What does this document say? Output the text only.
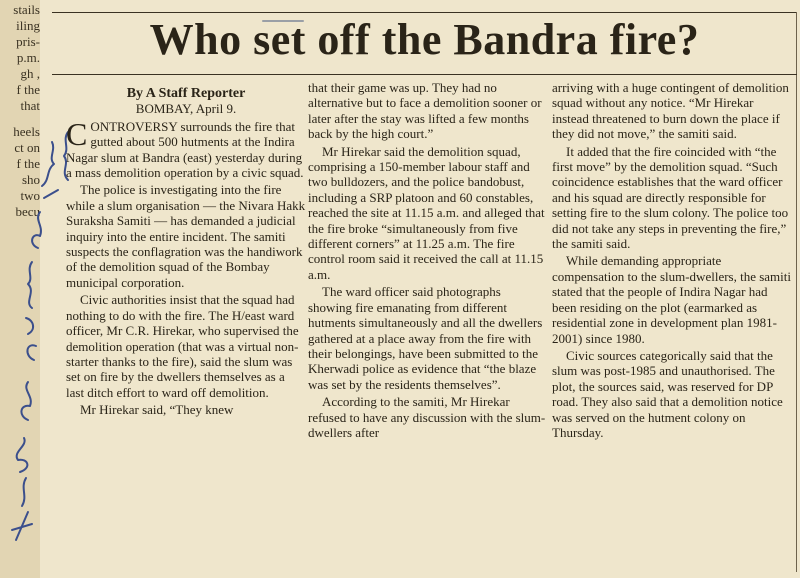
stails
iling
pris-
p.m.
gh ,
f the
that
heels
ct on
f the
sho
two
becu
Who set off the Bandra fire?
By A Staff Reporter
BOMBAY, April 9.

CONTROVERSY surrounds the fire that gutted about 500 hutments at the Indira Nagar slum at Bandra (east) yesterday during a mass demolition operation by a civic squad.

The police is investigating into the fire while a slum organisation — the Nivara Hakk Suraksha Samiti — has demanded a judicial inquiry into the entire incident. The samiti suspects the conflagration was the handiwork of the demolition squad of the Bombay municipal corporation.

Civic authorities insist that the squad had nothing to do with the fire. The H/east ward officer, Mr C.R. Hirekar, who supervised the demolition operation (that was a virtual non-starter thanks to the fire), said the slum was set on fire by the dwellers themselves as a last ditch effort to ward off demolition.

Mr Hirekar said, “They knew

that their game was up. They had no alternative but to face a demolition sooner or later after the stay was lifted a few months back by the high court.”

Mr Hirekar said the demolition squad, comprising a 150-member labour staff and two bulldozers, and the police bandobust, including a SRP platoon and 60 constables, reached the site at 11.15 a.m. and alleged that the fire broke “simultaneously from five different corners” at 11.25 a.m. The fire control room said it received the call at 11.15 a.m.

The ward officer said photographs showing fire emanating from different hutments simultaneously and all the dwellers gathered at a place away from the fire with their belongings, have been submitted to the Kherwadi police as evidence that “the blaze was set by the residents themselves”.

According to the samiti, Mr Hirekar refused to have any discussion with the slum-dwellers after

arriving with a huge contingent of demolition squad without any notice. “Mr Hirekar instead threatened to burn down the place if they did not move,” the samiti said.

It added that the fire coincided with “the first move” by the demolition squad. “Such coincidence establishes that the ward officer and his squad are directly responsible for setting fire to the slum colony. The police too did not take any steps in preventing the fire,” the samiti said.

While demanding appropriate compensation to the slum-dwellers, the samiti stated that the people of Indira Nagar had been residing on the plot (earmarked as residential zone in development plan 1981-2001) since 1980.

Civic sources categorically said that the slum was post-1985 and unauthorised. The plot, the sources said, was reserved for DP road. They also said that a demolition notice was served on the hutment colony on Thursday.
